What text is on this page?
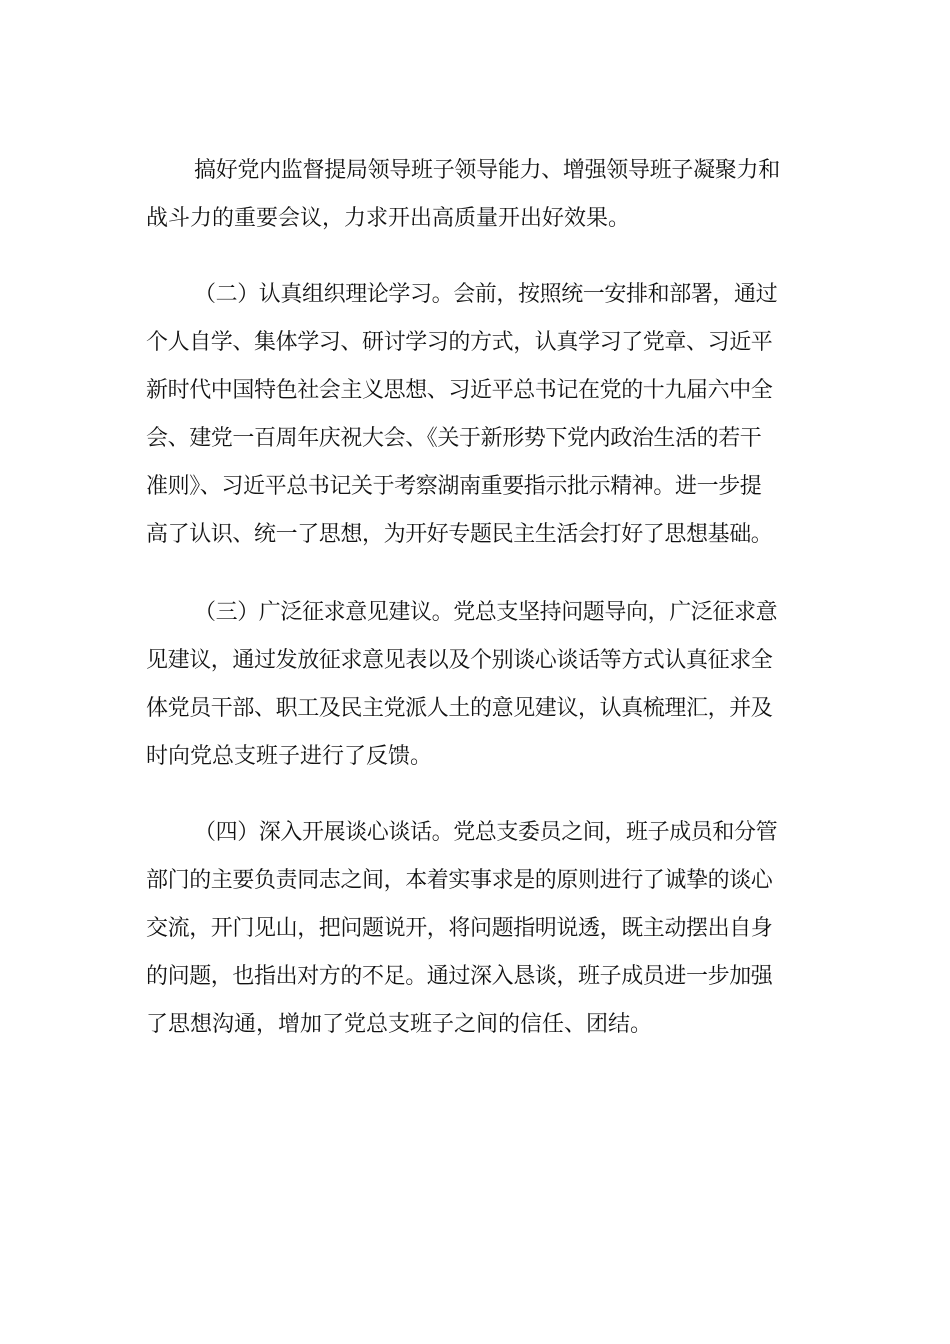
搞好党内监督提局领导班子领导能力、增强领导班子凝聚力和
战斗力的重要会议，力求开出高质量开出好效果。
（二）认真组织理论学习。会前，按照统一安排和部署，通过
个人自学、集体学习、研讨学习的方式，认真学习了党章、习近平
新时代中国特色社会主义思想、习近平总书记在党的十九届六中全
会、建党一百周年庆祝大会、《关于新形势下党内政治生活的若干
准则》、习近平总书记关于考察湖南重要指示批示精神。进一步提
高了认识、统一了思想，为开好专题民主生活会打好了思想基础。
（三）广泛征求意见建议。党总支坚持问题导向，广泛征求意
见建议，通过发放征求意见表以及个别谈心谈话等方式认真征求全
体党员干部、职工及民主党派人土的意见建议，认真梳理汇，并及
时向党总支班子进行了反馈。
（四）深入开展谈心谈话。党总支委员之间，班子成员和分管
部门的主要负责同志之间，本着实事求是的原则进行了诚挚的谈心
交流，开门见山，把问题说开，将问题指明说透，既主动摆出自身
的问题，也指出对方的不足。通过深入恳谈，班子成员进一步加强
了思想沟通，增加了党总支班子之间的信任、团结。
